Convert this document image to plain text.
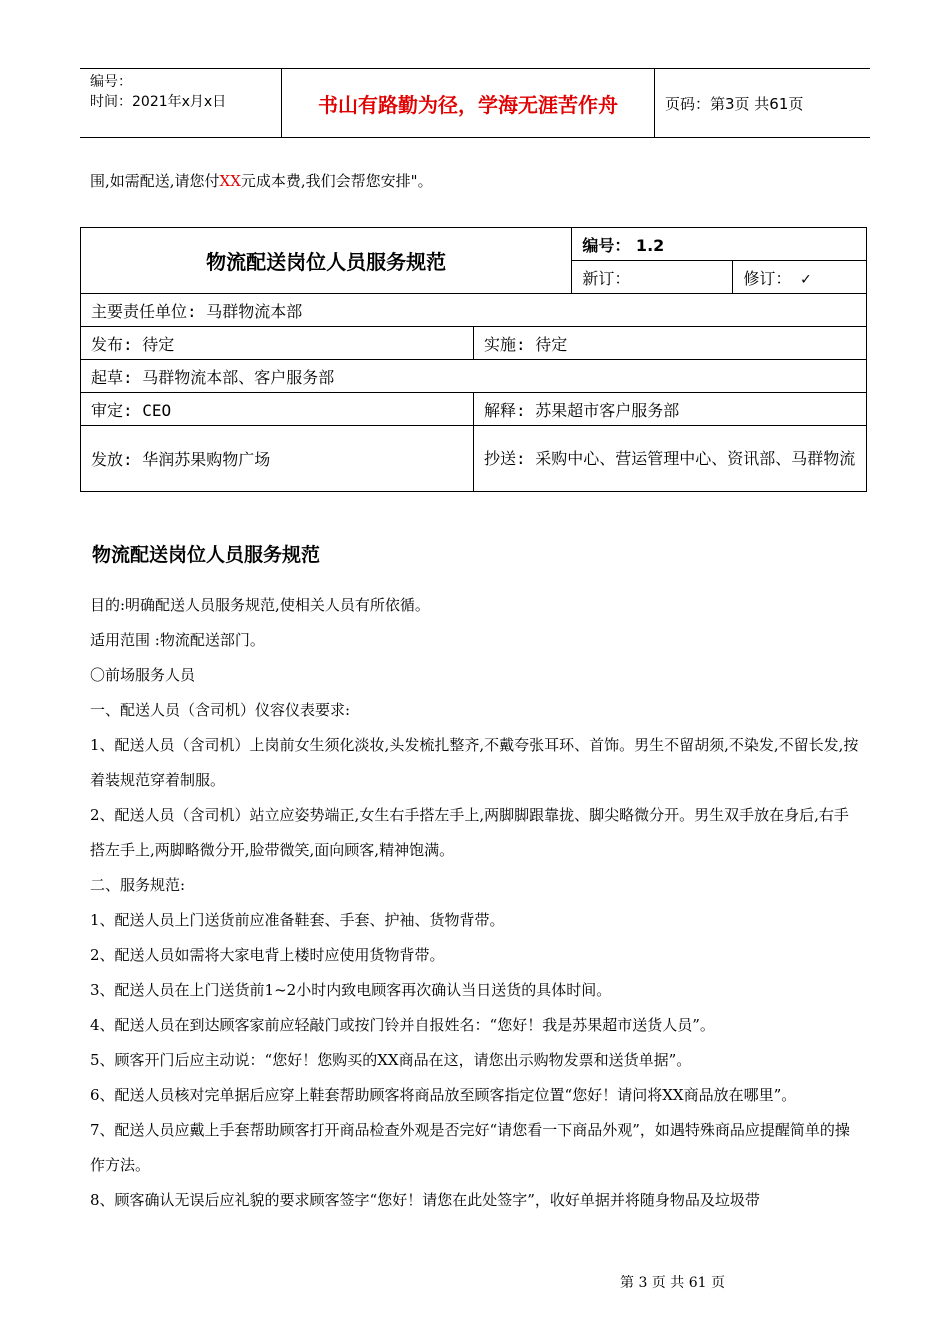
编号：
时间：2021年x月x日	书山有路勤为径，学海无涯苦作舟	页码：第3页 共61页
围,如需配送,请您付XX元成本费,我们会帮您安排"。
物流配送岗位人员服务规范		编号： 1.2	
		新订：	修订： ✓
主要责任单位: 马群物流本部			
发布: 待定	实施: 待定		
起草: 马群物流本部、客户服务部			
审定: CEO	解释: 苏果超市客户服务部		
发放: 华润苏果购物广场	抄送: 采购中心、营运管理中心、资讯部、马群物流		
物流配送岗位人员服务规范

目的:明确配送人员服务规范,使相关人员有所依循。

适用范围 :物流配送部门。

〇前场服务人员

一、配送人员（含司机）仪容仪表要求:

1、配送人员（含司机）上岗前女生须化淡妆,头发梳扎整齐,不戴夸张耳环、首饰。男生不留胡须,不染发,不留长发,按着装规范穿着制服。

2、配送人员（含司机）站立应姿势端正,女生右手搭左手上,两脚脚跟靠拢、脚尖略微分开。男生双手放在身后,右手搭左手上,两脚略微分开,脸带微笑,面向顾客,精神饱满。

二、服务规范:

1、配送人员上门送货前应准备鞋套、手套、护袖、货物背带。

2、配送人员如需将大家电背上楼时应使用货物背带。

3、配送人员在上门送货前1~2小时内致电顾客再次确认当日送货的具体时间。

4、配送人员在到达顾客家前应轻敲门或按门铃并自报姓名：“您好！我是苏果超市送货人员”。

5、顾客开门后应主动说：“您好！您购买的XX商品在这，请您出示购物发票和送货单据”。

6、配送人员核对完单据后应穿上鞋套帮助顾客将商品放至顾客指定位置“您好！请问将XX商品放在哪里”。

7、配送人员应戴上手套帮助顾客打开商品检查外观是否完好“请您看一下商品外观”，如遇特殊商品应提醒简单的操作方法。

8、顾客确认无误后应礼貌的要求顾客签字“您好！请您在此处签字”，收好单据并将随身物品及垃圾带

第 3 页 共 61 页
